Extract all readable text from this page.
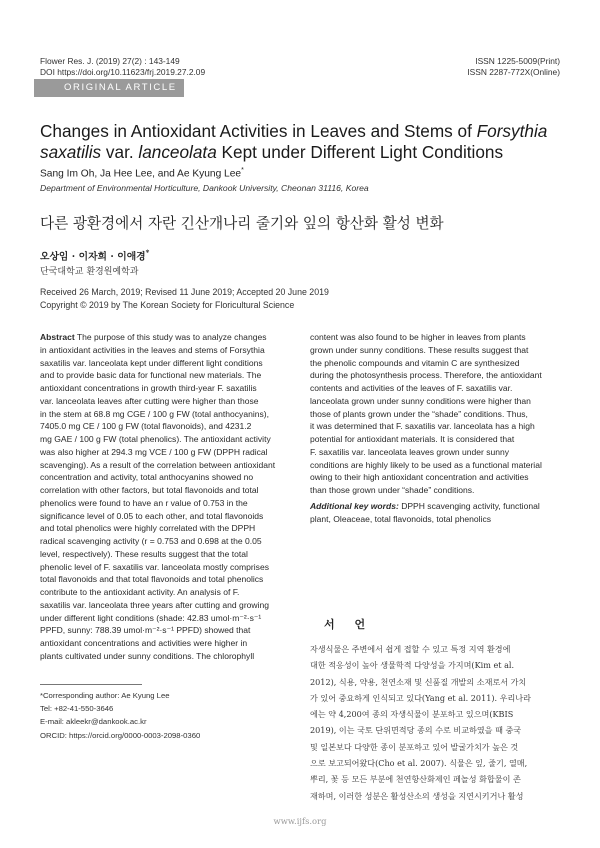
Flower Res. J. (2019) 27(2) : 143-149
DOI https://doi.org/10.11623/frj.2019.27.2.09
ISSN 1225-5009(Print)
ISSN 2287-772X(Online)
ORIGINAL ARTICLE
Changes in Antioxidant Activities in Leaves and Stems of Forsythia saxatilis var. lanceolata Kept under Different Light Conditions
Sang Im Oh, Ja Hee Lee, and Ae Kyung Lee*
Department of Environmental Horticulture, Dankook University, Cheonan 31116, Korea
다른 광환경에서 자란 긴산개나리 줄기와 잎의 항산화 활성 변화
오상임 · 이자희 · 이애경*
단국대학교 환경원예학과
Received 26 March, 2019; Revised 11 June 2019; Accepted 20 June 2019
Copyright © 2019 by The Korean Society for Floricultural Science
Abstract The purpose of this study was to analyze changes
in antioxidant activities in the leaves and stems of Forsythia
saxatilis var. lanceolata kept under different light conditions
and to provide basic data for functional new materials. The
antioxidant concentrations in growth third-year F. saxatilis
var. lanceolata leaves after cutting were higher than those
in the stem at 68.8 mg CGE / 100 g FW (total anthocyanins),
7405.0 mg CE / 100 g FW (total flavonoids), and 4231.2
mg GAE / 100 g FW (total phenolics). The antioxidant activity
was also higher at 294.3 mg VCE / 100 g FW (DPPH radical
scavenging). As a result of the correlation between antioxidant
concentration and activity, total anthocyanins showed no
correlation with other factors, but total flavonoids and total
phenolics were found to have an r value of 0.753 in the
significance level of 0.05 to each other, and total flavonoids
and total phenolics were highly correlated with the DPPH
radical scavenging activity (r = 0.753 and 0.698 at the 0.05
level, respectively). These results suggest that the total
phenolic level of F. saxatilis var. lanceolata mostly comprises
total flavonoids and that total flavonoids and total phenolics
contribute to the antioxidant activity. An analysis of F.
saxatilis var. lanceolata three years after cutting and growing
under different light conditions (shade: 42.83 umol·m⁻²·s⁻¹
PPFD, sunny: 788.39 umol·m⁻²·s⁻¹ PPFD) showed that
antioxidant concentrations and activities were higher in
plants cultivated under sunny conditions. The chlorophyll
content was also found to be higher in leaves from plants
grown under sunny conditions. These results suggest that
the phenolic compounds and vitamin C are synthesized
during the photosynthesis process. Therefore, the antioxidant
contents and activities of the leaves of F. saxatilis var.
lanceolata grown under sunny conditions were higher than
those of plants grown under the “shade” conditions. Thus,
it was determined that F. saxatilis var. lanceolata has a high
potential for antioxidant materials. It is considered that
F. saxatilis var. lanceolata leaves grown under sunny
conditions are highly likely to be used as a functional material
owing to their high antioxidant concentration and activities
than those grown under “shade” conditions.
Additional key words: DPPH scavenging activity, functional
plant, Oleaceae, total flavonoids, total phenolics
서 언
자생식물은 주변에서 쉽게 접할 수 있고 특정 지역 환경에
대한 적응성이 높아 생물학적 다양성을 가지며(Kim et al.
2012), 식용, 약용, 천연소재 및 신품질 개발의 소재로서 가치
가 있어 중요하게 인식되고 있다(Yang et al. 2011). 우리나라
에는 약 4,200여 종의 자생식물이 분포하고 있으며(KBIS
2019), 이는 국토 단위면적당 종의 수로 비교하였을 때 중국
및 일본보다 다양한 종이 분포하고 있어 발굴가치가 높은 것
으로 보고되어왔다(Cho et al. 2007). 식물은 잎, 줄기, 열매,
뿌리, 꽃 등 모든 부분에 천연항산화제인 페놀성 화합물이 존
재하며, 이러한 성분은 활성산소의 생성을 지연시키거나 활성
*Corresponding author: Ae Kyung Lee
Tel: +82-41-550-3646
E-mail: akleekr@dankook.ac.kr
ORCID: https://orcid.org/0000-0003-2098-0360
www.ijfs.org
